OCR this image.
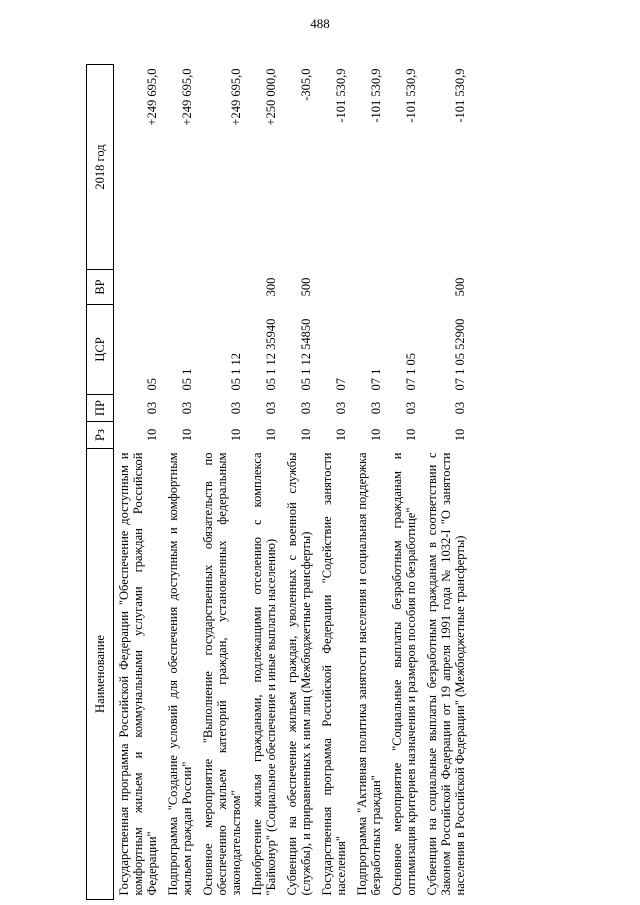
488
Наименование	Рз	ПР	ЦСР	ВР	2018 год
Государственная программа Российской Федерации "Обеспечение доступным и комфортным жильем и коммунальными услугами граждан Российской Федерации"	10	03	05		+249 695,0
Подпрограмма "Создание условий для обеспечения доступным и комфортным жильем граждан России"	10	03	05 1		+249 695,0
Основное мероприятие "Выполнение государственных обязательств по обеспечению жильем категорий граждан, установленных федеральным законодательством"	10	03	05 1 12		+249 695,0
Приобретение жилья гражданами, подлежащими отселению с комплекса "Байконур" (Социальное обеспечение и иные выплаты населению)	10	03	05 1 12 35940	300	+250 000,0
Субвенции на обеспечение жильем граждан, уволенных с военной службы (службы), и приравненных к ним лиц (Межбюджетные трансферты)	10	03	05 1 12 54850	500	-305,0
Государственная программа Российской Федерации "Содействие занятости населения"	10	03	07		-101 530,9
Подпрограмма "Активная политика занятости населения и социальная поддержка безработных граждан"	10	03	07 1		-101 530,9
Основное мероприятие "Социальные выплаты безработным гражданам и оптимизация критериев назначения и размеров пособия по безработице"	10	03	07 1 05		-101 530,9
Субвенции на социальные выплаты безработным гражданам в соответствии с Законом Российской Федерации от 19 апреля 1991 года № 1032-I "О занятости населения в Российской Федерации" (Межбюджетные трансферты)	10	03	07 1 05 52900	500	-101 530,9
